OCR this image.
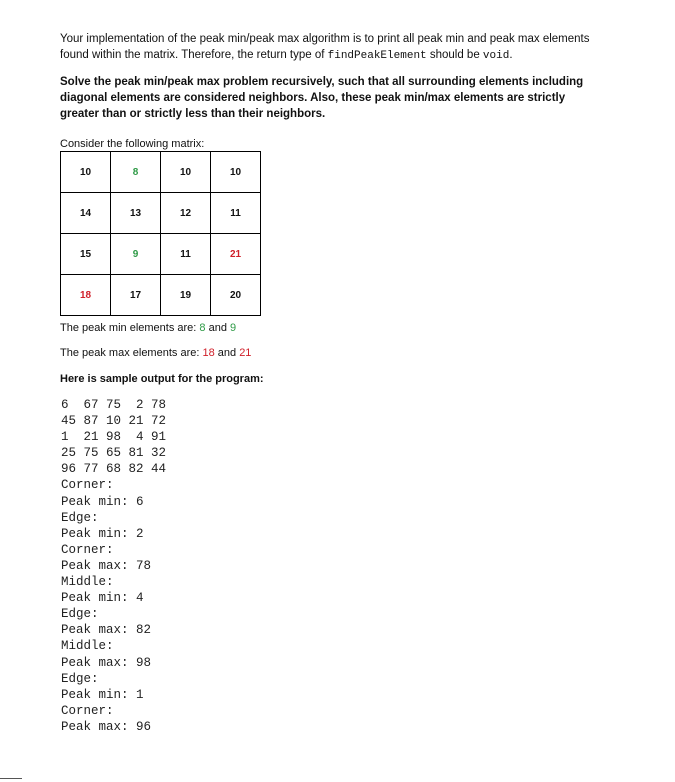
Your implementation of the peak min/peak max algorithm is to print all peak min and peak max elements found within the matrix. Therefore, the return type of findPeakElement should be void.

Solve the peak min/peak max problem recursively, such that all surrounding elements including diagonal elements are considered neighbors. Also, these peak min/max elements are strictly greater than or strictly less than their neighbors.

Consider the following matrix:

10	8	10	10
14	13	12	11
15	9	11	21
18	17	19	20

The peak min elements are: 8 and 9

The peak max elements are: 18 and 21

Here is sample output for the program:

6  67 75  2 78
45 87 10 21 72
1  21 98  4 91
25 75 65 81 32
96 77 68 82 44
Corner:
Peak min: 6
Edge:
Peak min: 2
Corner:
Peak max: 78
Middle:
Peak min: 4
Edge:
Peak max: 82
Middle:
Peak max: 98
Edge:
Peak min: 1
Corner:
Peak max: 96
